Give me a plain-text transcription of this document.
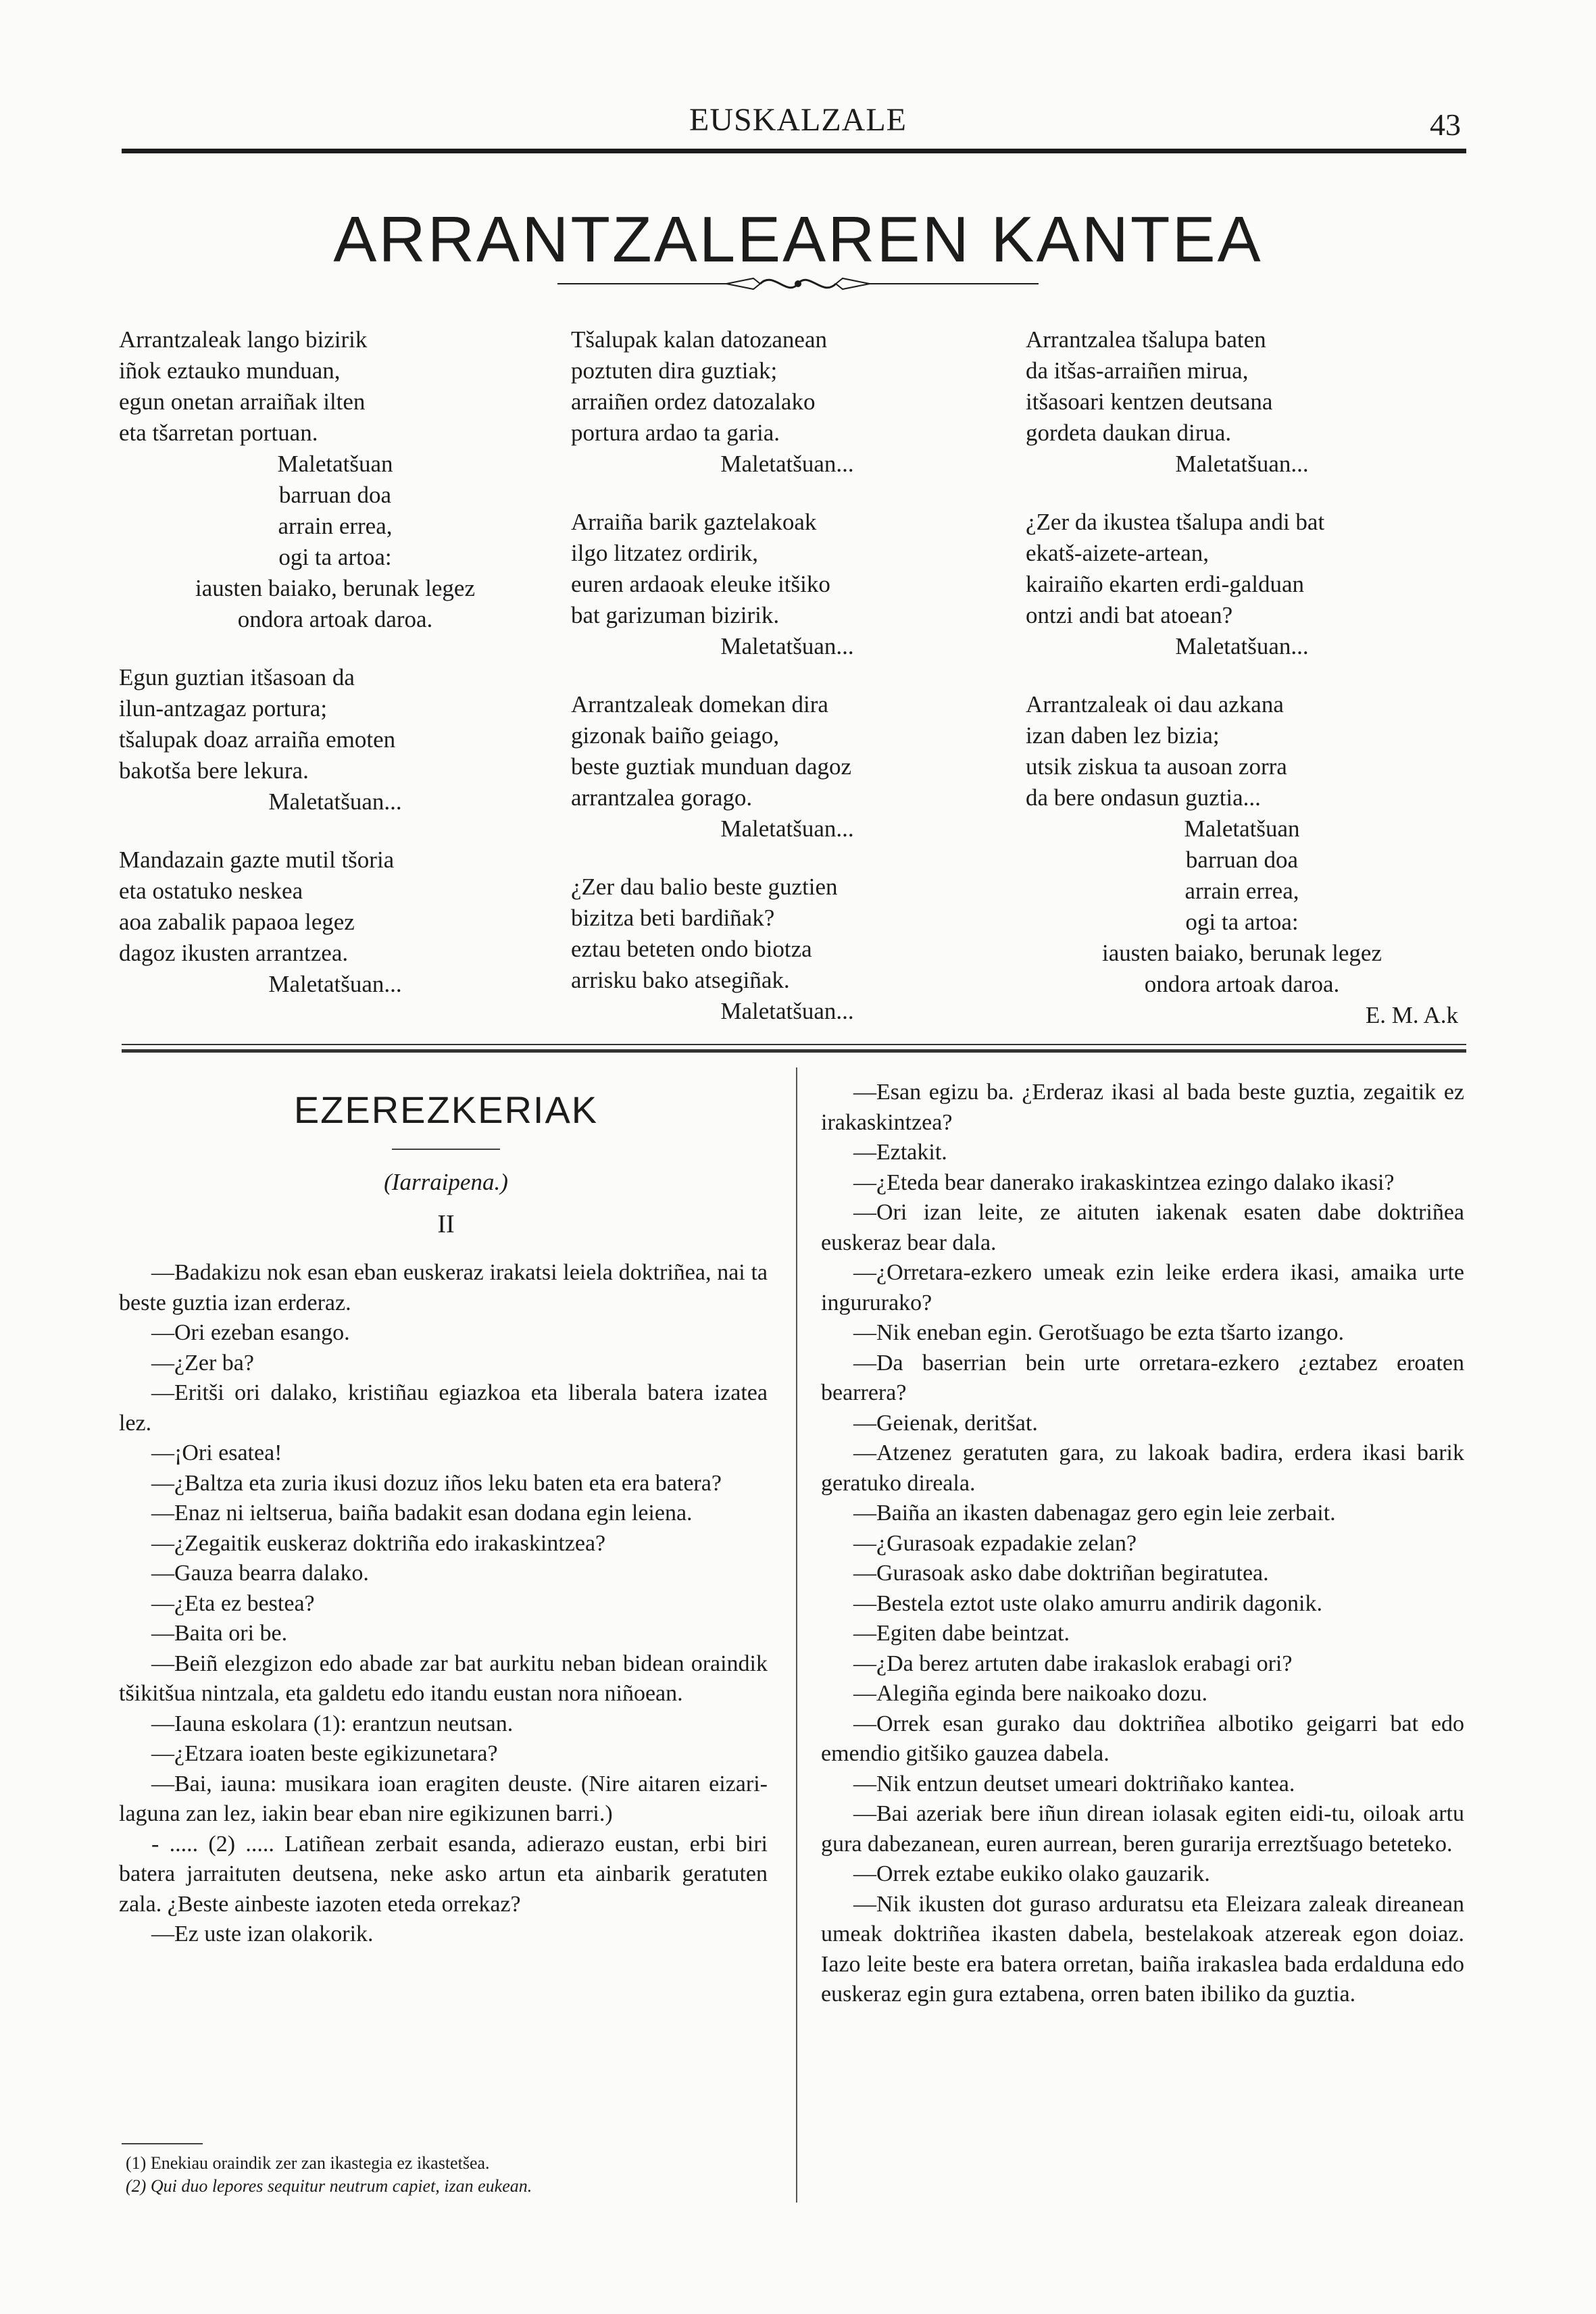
EUSKALZALE	43
ARRANTZALEAREN KANTEA
Arrantzaleak lango bizirik
iñok eztauko munduan,
egun onetan arraiñak ilten
eta tšarretan portuan.
Maletatšuan
barruan doa
arrain errea,
ogi ta artoa:
iausten baiako, berunak legez
ondora artoak daroa.
Egun guztian itšasoan da
ilun-antzagaz portura;
tšalupak doaz arraiña emoten
bakotša bere lekura.
Maletatšuan...
Mandazain gazte mutil tšoria
eta ostatuko neskea
aoa zabalik papaoa legez
dagoz ikusten arrantzea.
Maletatšuan...
Tšalupak kalan datozanean
poztuten dira guztiak;
arraiñen ordez datozalako
portura ardao ta garia.
Maletatšuan...
Arraiña barik gaztelakoak
ilgo litzatez ordirik,
euren ardaoak eleuke itšiko
bat garizuman bizirik.
Maletatšuan...
Arrantzaleak domekan dira
gizonak baiño geiago,
beste guztiak munduan dagoz
arrantzalea gorago.
Maletatšuan...
¿Zer dau balio beste guztien
bizitza beti bardiñak?
eztau beteten ondo biotza
arrisku bako atsegiñak.
Maletatšuan...
Arrantzalea tšalupa baten
da itšas-arraiñen mirua,
itšasoari kentzen deutsana
gordeta daukan dirua.
Maletatšuan...
¿Zer da ikustea tšalupa andi bat
ekatš-aizete-artean,
kairaiño ekarten erdi-galduan
ontzi andi bat atoean?
Maletatšuan...
Arrantzaleak oi dau azkana
izan daben lez bizia;
utsik ziskua ta ausoan zorra
da bere ondasun guztia...
Maletatšuan
barruan doa
arrain errea,
ogi ta artoa:
iausten baiako, berunak legez
ondora artoak daroa.
E. M. A.k
EZEREZKERIAK
(Iarraipena.)
II

—Badakizu nok esan eban euskeraz irakatsi leiela doktriñea, nai ta beste guztia izan erderaz.

—Ori ezeban esango.

—¿Zer ba?

—Eritši ori dalako, kristiñau egiazkoa eta liberala batera izatea lez.

—¡Ori esatea!

—¿Baltza eta zuria ikusi dozuz iños leku baten eta era batera?

—Enaz ni ieltserua, baiña badakit esan dodana egin leiena.

—¿Zegaitik euskeraz doktriña edo irakaskintzea?

—Gauza bearra dalako.

—¿Eta ez bestea?

—Baita ori be.

—Beiñ elezgizon edo abade zar bat aurkitu neban bidean oraindik tšikitšua nintzala, eta galdetu edo itandu eustan nora niñoean.

—Iauna eskolara (1): erantzun neutsan.

—¿Etzara ioaten beste egikizunetara?

—Bai, iauna: musikara ioan eragiten deuste. (Nire aitaren eizari-laguna zan lez, iakin bear eban nire egikizunen barri.)

- ..... (2) ..... Latiñean zerbait esanda, adierazo eustan, erbi biri batera jarraituten deutsena, neke asko artun eta ainbarik geratuten zala. ¿Beste ainbeste iazoten eteda orrekaz?

—Ez uste izan olakorik.

(1) Enekiau oraindik zer zan ikastegia ez ikastetšea.
(2) Qui duo lepores sequitur neutrum capiet, izan eukean.

—Esan egizu ba. ¿Erderaz ikasi al bada beste guztia, zegaitik ez irakaskintzea?

—Eztakit.

—¿Eteda bear danerako irakaskintzea ezingo dalako ikasi?

—Ori izan leite, ze aituten iakenak esaten dabe doktriñea euskeraz bear dala.

—¿Orretara-ezkero umeak ezin leike erdera ikasi, amaika urte ingururako?

—Nik eneban egin. Gerotšuago be ezta tšarto izango.

—Da baserrian bein urte orretara-ezkero ¿eztabez eroaten bearrera?

—Geienak, deritšat.

—Atzenez geratuten gara, zu lakoak badira, erdera ikasi barik geratuko direala.

—Baiña an ikasten dabenagaz gero egin leie zerbait.

—¿Gurasoak ezpadakie zelan?

—Gurasoak asko dabe doktriñan begiratutea.

—Bestela eztot uste olako amurru andirik dagonik.

—Egiten dabe beintzat.

—¿Da berez artuten dabe irakaslok erabagi ori?

—Alegiña eginda bere naikoako dozu.

—Orrek esan gurako dau doktriñea albotiko geigarri bat edo emendio gitšiko gauzea dabela.

—Nik entzun deutset umeari doktriñako kantea.

—Bai azeriak bere iñun direan iolasak egiten eidi-tu, oiloak artu gura dabezanean, euren aurrean, beren gurarija erreztšuago beteteko.

—Orrek eztabe eukiko olako gauzarik.

—Nik ikusten dot guraso arduratsu eta Eleizara zaleak direanean umeak doktriñea ikasten dabela, bestelakoak atzereak egon doiaz. Iazo leite beste era batera orretan, baiña irakaslea bada erdalduna edo euskeraz egin gura eztabena, orren baten ibiliko da guztia.
